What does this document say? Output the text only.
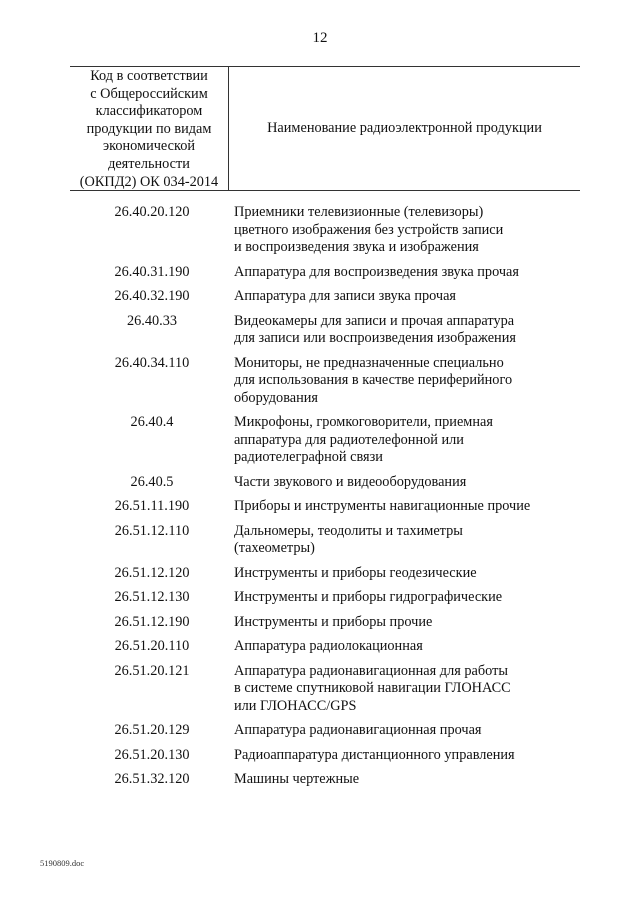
12
Код в соответствии
с Общероссийским
классификатором
продукции по видам
экономической
деятельности
(ОКПД2) ОК 034-2014
Наименование радиоэлектронной продукции
26.40.20.120	Приемники телевизионные (телевизоры)
цветного изображения без устройств записи
и воспроизведения звука и изображения
26.40.31.190	Аппаратура для воспроизведения звука прочая
26.40.32.190	Аппаратура для записи звука прочая
26.40.33	Видеокамеры для записи и прочая аппаратура
для записи или воспроизведения изображения
26.40.34.110	Мониторы, не предназначенные специально
для использования в качестве периферийного
оборудования
26.40.4	Микрофоны, громкоговорители, приемная
аппаратура для радиотелефонной или
радиотелеграфной связи
26.40.5	Части звукового и видеооборудования
26.51.11.190	Приборы и инструменты навигационные прочие
26.51.12.110	Дальномеры, теодолиты и тахиметры
(тахеометры)
26.51.12.120	Инструменты и приборы геодезические
26.51.12.130	Инструменты и приборы гидрографические
26.51.12.190	Инструменты и приборы прочие
26.51.20.110	Аппаратура радиолокационная
26.51.20.121	Аппаратура радионавигационная для работы
в системе спутниковой навигации ГЛОНАСС
или ГЛОНАСС/GPS
26.51.20.129	Аппаратура радионавигационная прочая
26.51.20.130	Радиоаппаратура дистанционного управления
26.51.32.120	Машины чертежные
5190809.doc
